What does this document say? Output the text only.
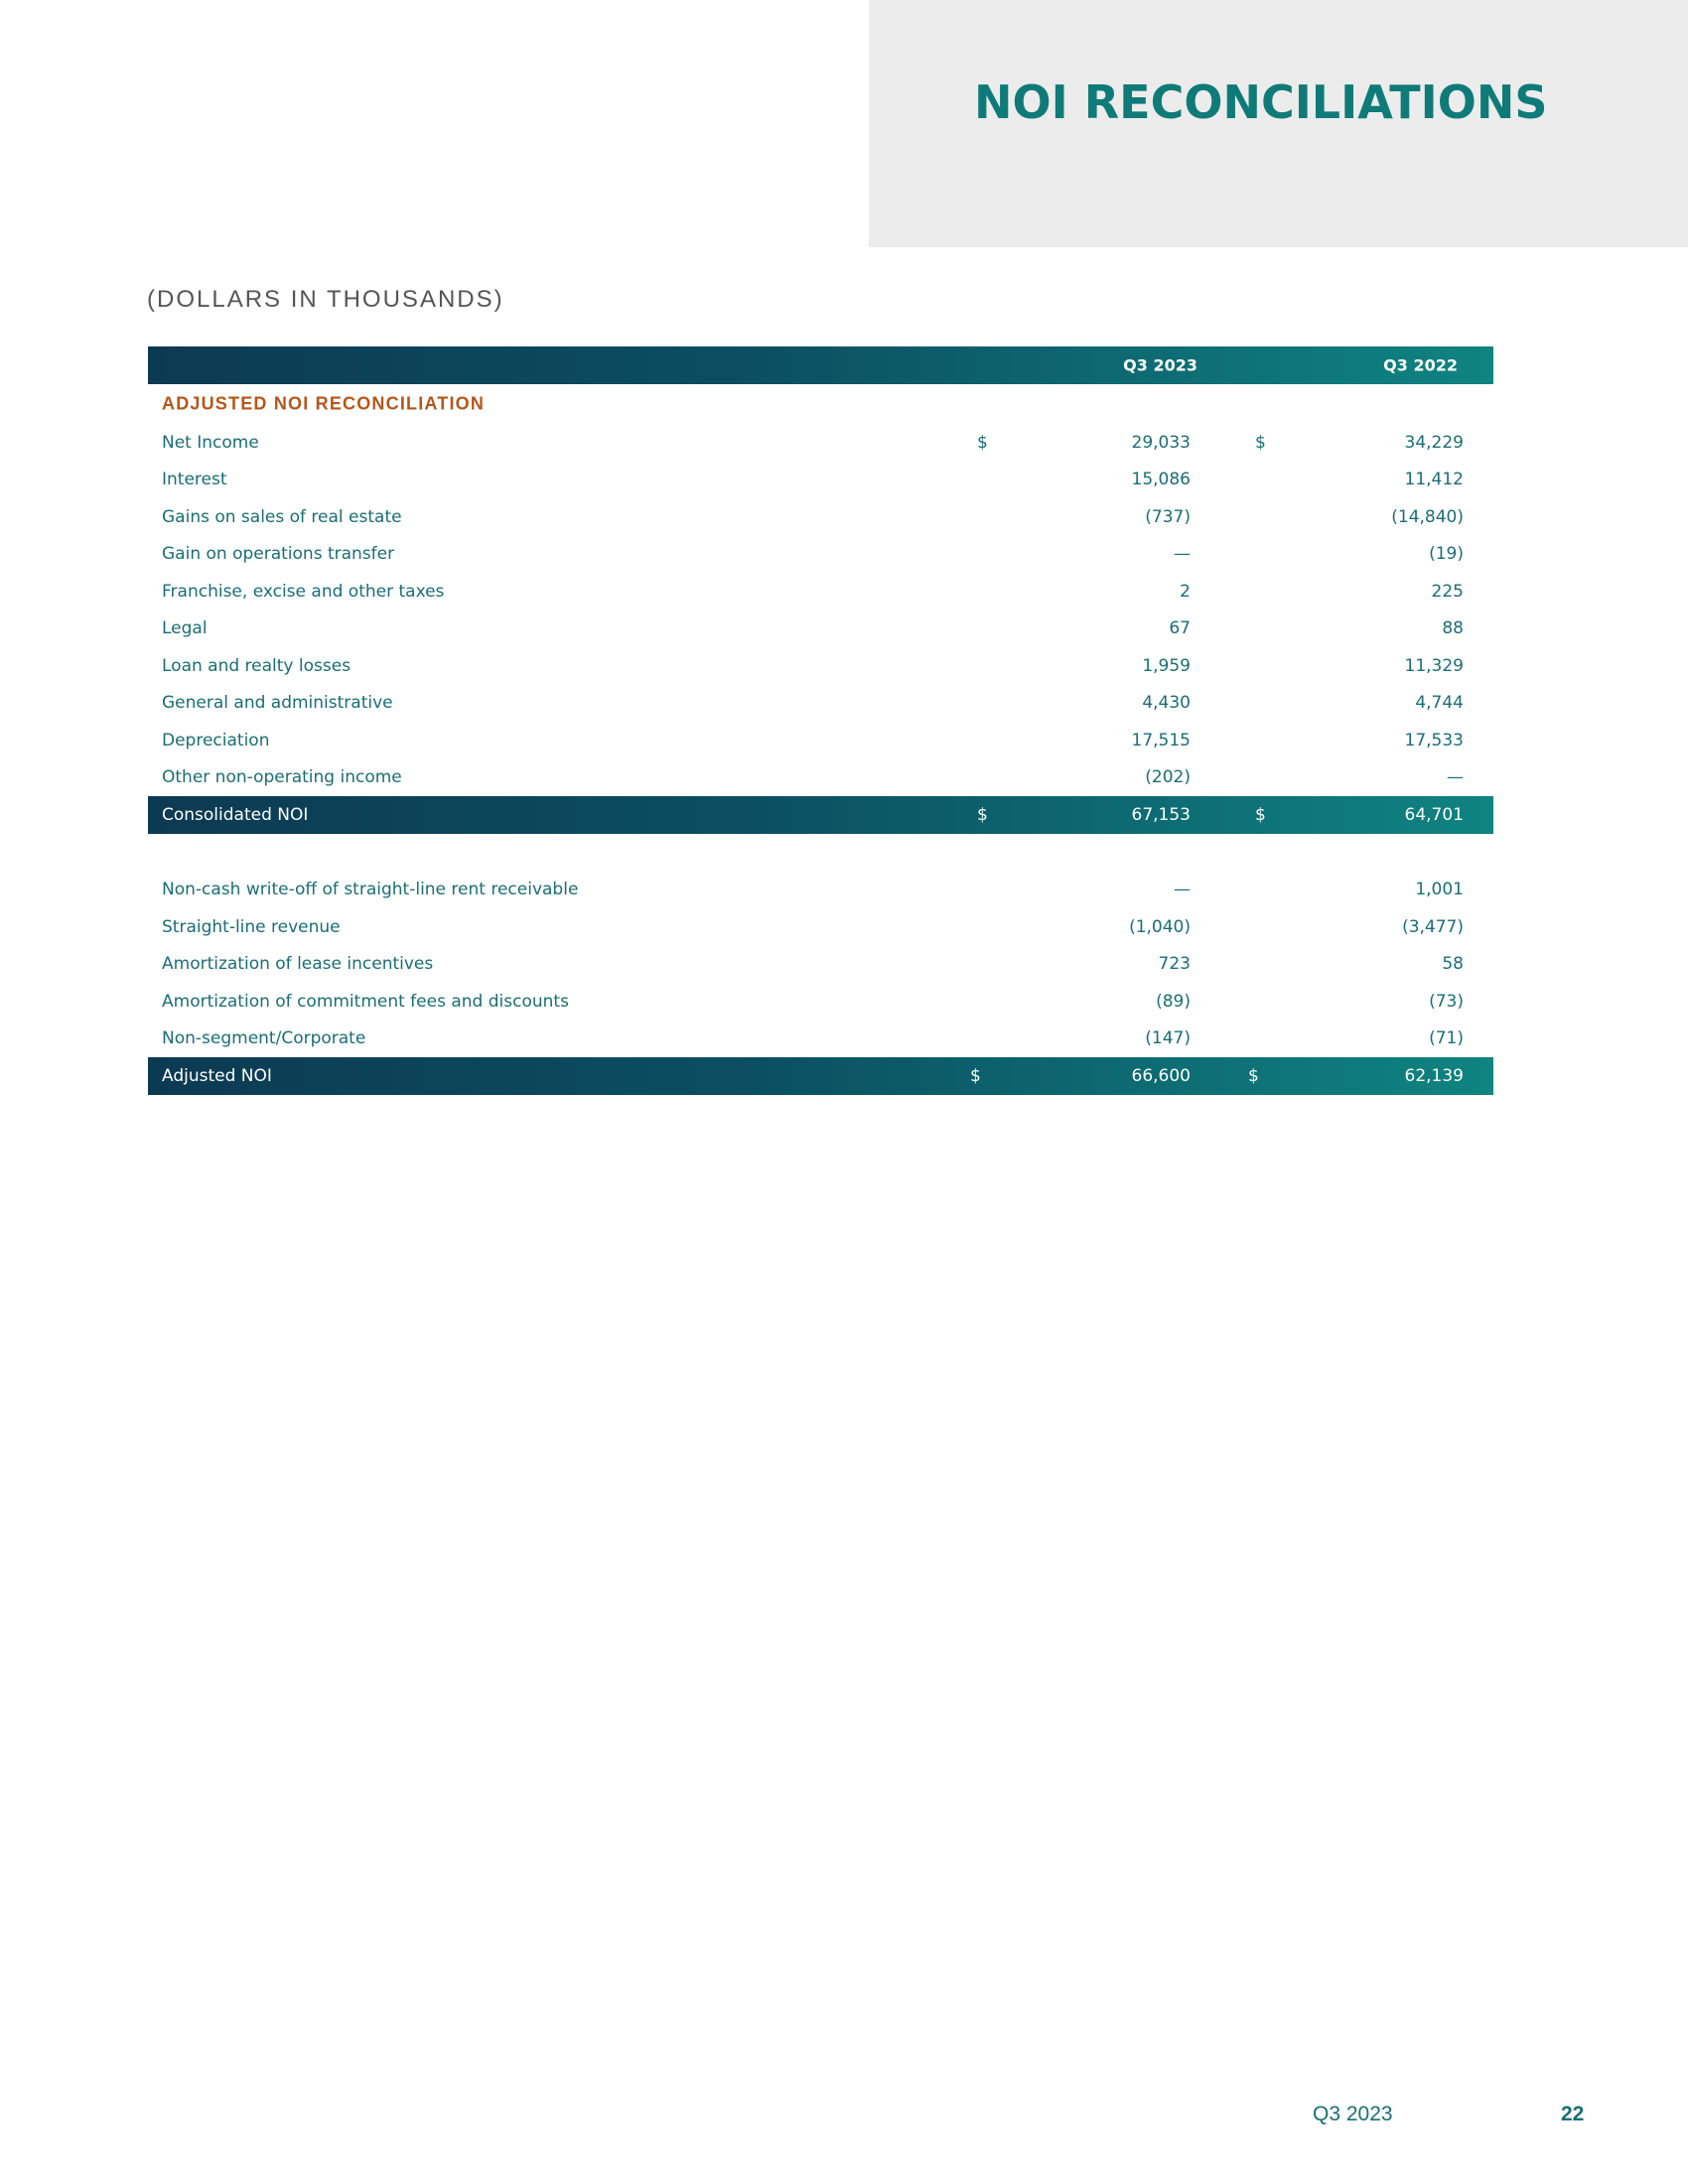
NOI RECONCILIATIONS
(DOLLARS IN THOUSANDS)
Q3 2023	Q3 2022
ADJUSTED NOI RECONCILIATION
Net Income	$	29,033	$	34,229
Interest	15,086	11,412
Gains on sales of real estate	(737)	(14,840)
Gain on operations transfer	—	(19)
Franchise, excise and other taxes	2	225
Legal	67	88
Loan and realty losses	1,959	11,329
General and administrative	4,430	4,744
Depreciation	17,515	17,533
Other non-operating income	(202)	—
Consolidated NOI	$	67,153	$	64,701
Non-cash write-off of straight-line rent receivable	—	1,001
Straight-line revenue	(1,040)	(3,477)
Amortization of lease incentives	723	58
Amortization of commitment fees and discounts	(89)	(73)
Non-segment/Corporate	(147)	(71)
Adjusted NOI	$	66,600	$	62,139
Q3 2023	22
